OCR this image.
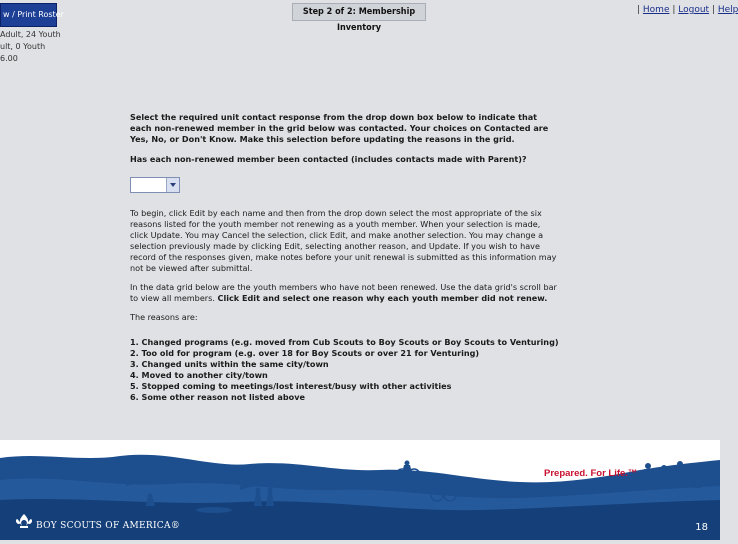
w / Print Roster
Adult, 24 Youth
ult, 0 Youth
6.00
Step 2 of 2: Membership Inventory
| Home | Logout | Help

Select the required unit contact response from the drop down box below to indicate that each non-renewed member in the grid below was contacted. Your choices on Contacted are Yes, No, or Don't Know. Make this selection before updating the reasons in the grid.

Has each non-renewed member been contacted (includes contacts made with Parent)?

To begin, click Edit by each name and then from the drop down select the most appropriate of the six reasons listed for the youth member not renewing as a youth member. When your selection is made, click Update. You may Cancel the selection, click Edit, and make another selection. You may change a selection previously made by clicking Edit, selecting another reason, and Update. If you wish to have record of the responses given, make notes before your unit renewal is submitted as this information may not be viewed after submittal.

In the data grid below are the youth members who have not been renewed. Use the data grid's scroll bar to view all members. Click Edit and select one reason why each youth member did not renew.

The reasons are:

1. Changed programs (e.g. moved from Cub Scouts to Boy Scouts or Boy Scouts to Venturing)
2. Too old for program (e.g. over 18 for Boy Scouts or over 21 for Venturing)
3. Changed units within the same city/town
4. Moved to another city/town
5. Stopped coming to meetings/lost interest/busy with other activities
6. Some other reason not listed above
Prepared. For Life.™
BOY SCOUTS OF AMERICA®	18
